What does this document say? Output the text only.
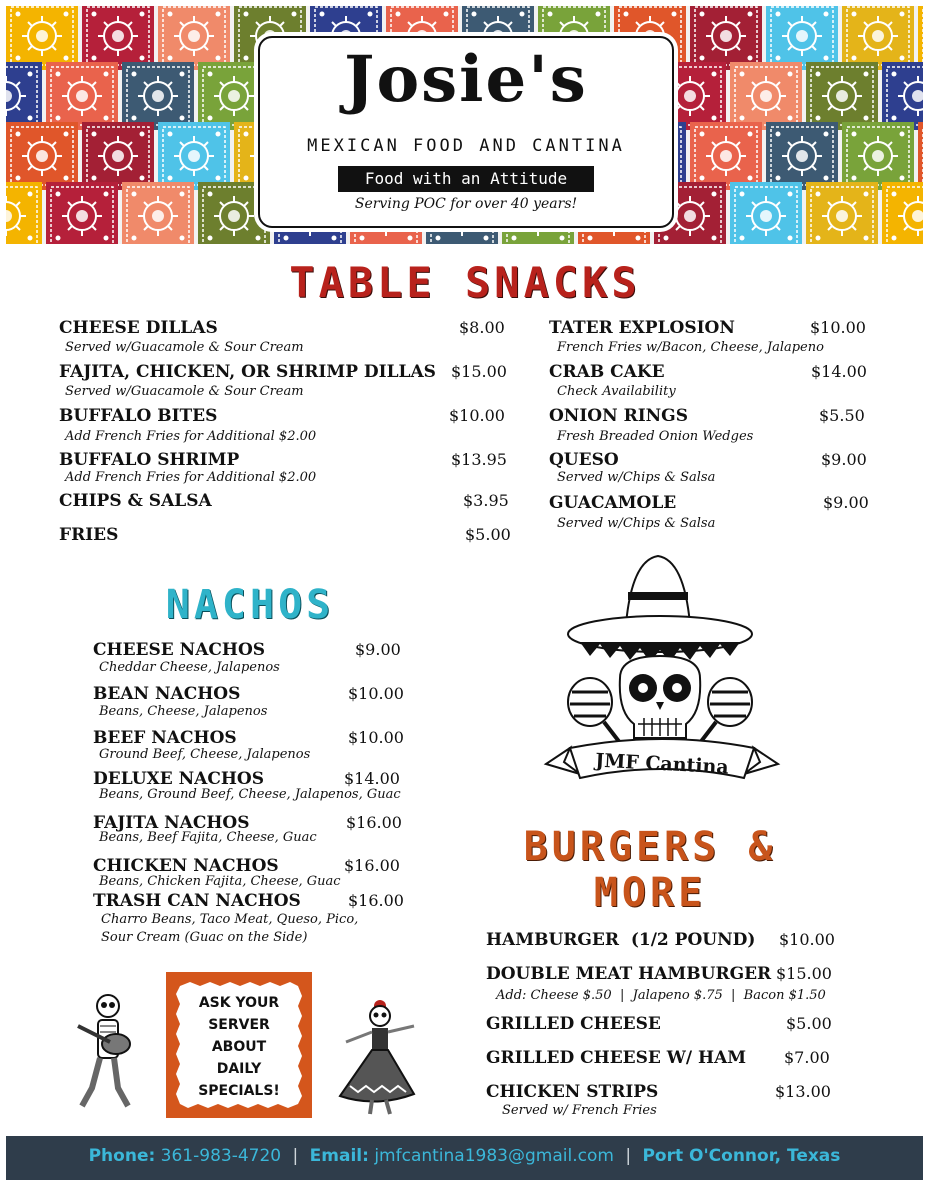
Josie's
MEXICAN FOOD AND CANTINA
Food with an Attitude
Serving POC for over 40 years!
TABLE SNACKS
CHEESE DILLAS	$8.00
Served w/Guacamole & Sour Cream
FAJITA, CHICKEN, OR SHRIMP DILLAS $15.00
Served w/Guacamole & Sour Cream
BUFFALO BITES	$10.00
Add French Fries for Additional $2.00
BUFFALO SHRIMP	$13.95
Add French Fries for Additional $2.00
CHIPS & SALSA	$3.95
FRIES	$5.00
TATER EXPLOSION	$10.00
French Fries w/Bacon, Cheese, Jalapeno
CRAB CAKE	$14.00
Check Availability
ONION RINGS	$5.50
Fresh Breaded Onion Wedges
QUESO	$9.00
Served w/Chips & Salsa
GUACAMOLE	$9.00
Served w/Chips & Salsa
NACHOS
CHEESE NACHOS	$9.00
Cheddar Cheese, Jalapenos
BEAN NACHOS	$10.00
Beans, Cheese, Jalapenos
BEEF NACHOS	$10.00
Ground Beef, Cheese, Jalapenos
DELUXE NACHOS	$14.00
Beans, Ground Beef, Cheese, Jalapenos, Guac
FAJITA NACHOS	$16.00
Beans, Beef Fajita, Cheese, Guac
CHICKEN NACHOS	$16.00
Beans, Chicken Fajita, Cheese, Guac
TRASH CAN NACHOS	$16.00
Charro Beans, Taco Meat, Queso, Pico,
Sour Cream (Guac on the Side)
JMF Cantina
BURGERS &
MORE
HAMBURGER  (1/2 POUND) $10.00
DOUBLE MEAT HAMBURGER $15.00
Add: Cheese $.50  |  Jalapeno $.75  |  Bacon $1.50
GRILLED CHEESE	$5.00
GRILLED CHEESE W/ HAM $7.00
CHICKEN STRIPS	$13.00
Served w/ French Fries
ASK YOUR
SERVER
ABOUT
DAILY
SPECIALS!
Phone: 361-983-4720 | Email: jmfcantina1983@gmail.com | Port O'Connor, Texas
